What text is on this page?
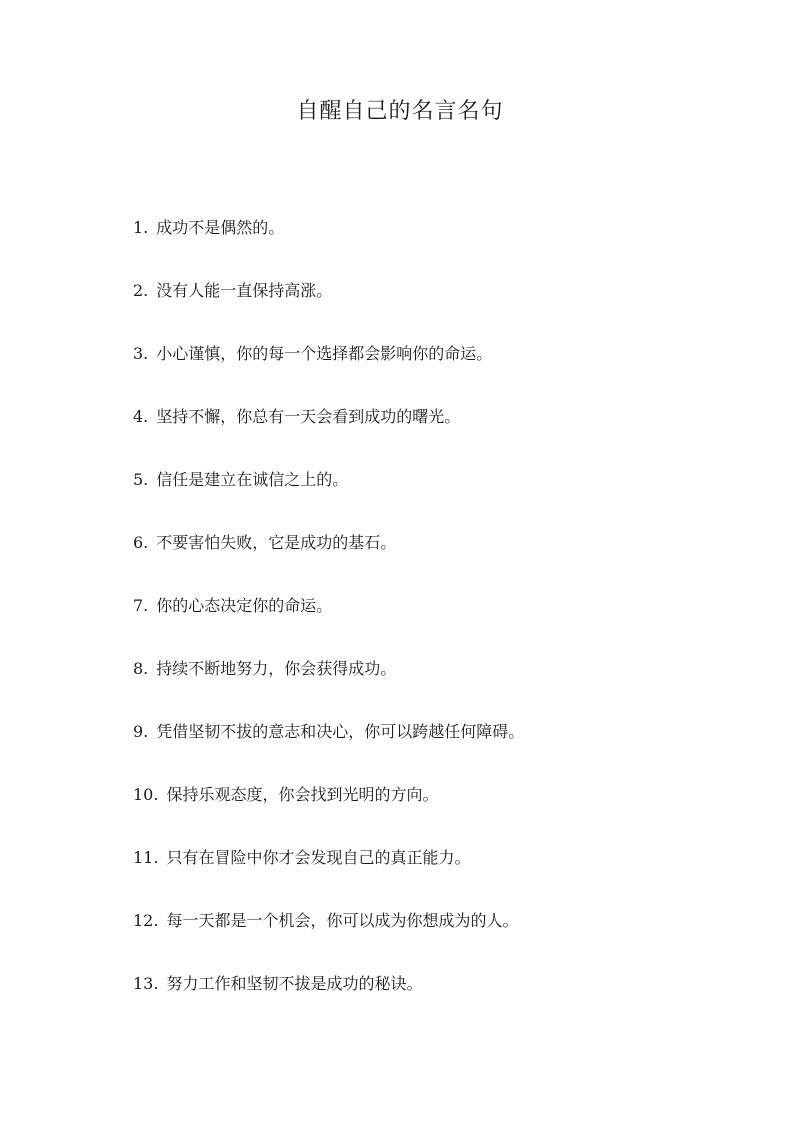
自醒自己的名言名句
1. 成功不是偶然的。
2. 没有人能一直保持高涨。
3. 小心谨慎，你的每一个选择都会影响你的命运。
4. 坚持不懈，你总有一天会看到成功的曙光。
5. 信任是建立在诚信之上的。
6. 不要害怕失败，它是成功的基石。
7. 你的心态决定你的命运。
8. 持续不断地努力，你会获得成功。
9. 凭借坚韧不拔的意志和决心，你可以跨越任何障碍。
10. 保持乐观态度，你会找到光明的方向。
11. 只有在冒险中你才会发现自己的真正能力。
12. 每一天都是一个机会，你可以成为你想成为的人。
13. 努力工作和坚韧不拔是成功的秘诀。
